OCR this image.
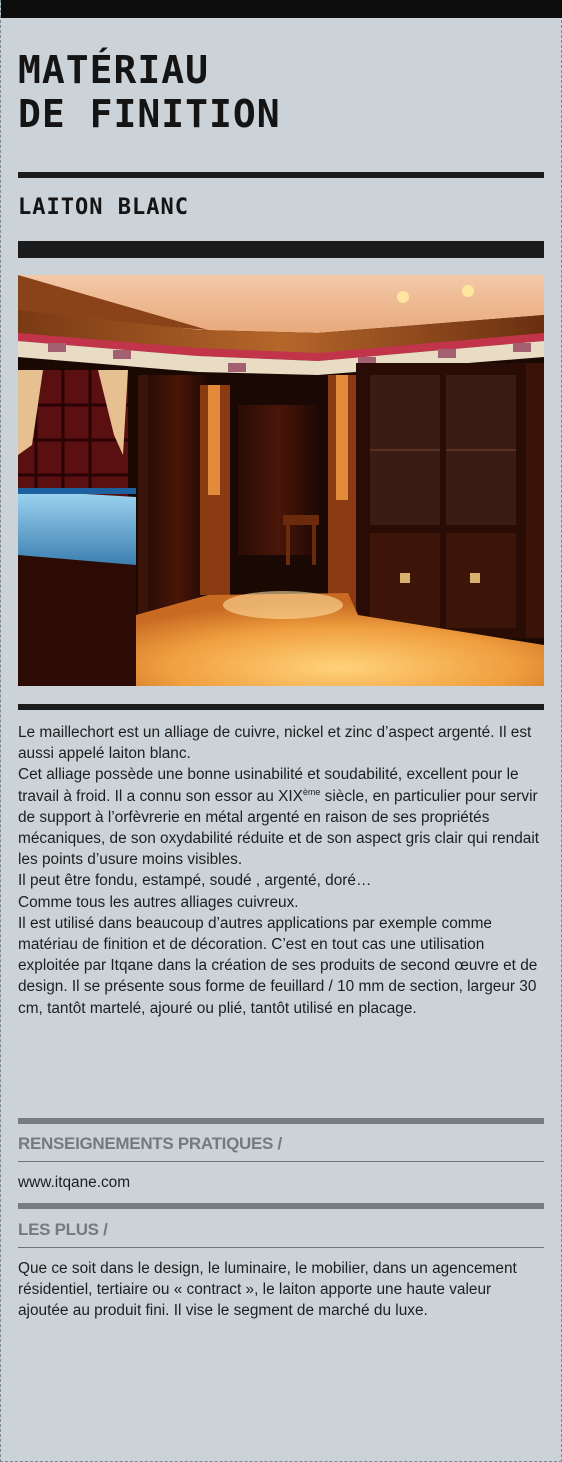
MATÉRIAU
DE FINITION
LAITON BLANC

Le maillechort est un alliage de cuivre, nickel et zinc d’aspect argenté. Il est aussi appelé laiton blanc.

Cet alliage possède une bonne usinabilité et soudabilité, excellent pour le travail à froid. Il a connu son essor au XIXème siècle, en particulier pour servir de support à l’orfèvrerie en métal argenté en raison de ses propriétés mécaniques, de son oxydabilité réduite et de son aspect gris clair qui rendait les points d’usure moins visibles.

Il peut être fondu, estampé, soudé , argenté, doré…

Comme tous les autres alliages cuivreux.

Il est utilisé dans beaucoup d’autres applications par exemple comme matériau de finition et de décoration. C’est en tout cas une utilisation exploitée par Itqane dans la création de ses produits de second œuvre et de design. Il se présente sous forme de feuillard / 10 mm de section, largeur 30 cm, tantôt martelé, ajouré ou plié, tantôt utilisé en placage.

RENSEIGNEMENTS PRATIQUES /
www.itqane.com
LES PLUS /
Que ce soit dans le design, le luminaire, le mobilier, dans un agencement résidentiel, tertiaire ou « contract », le laiton apporte une haute valeur ajoutée au produit fini. Il vise le segment de marché du luxe.
